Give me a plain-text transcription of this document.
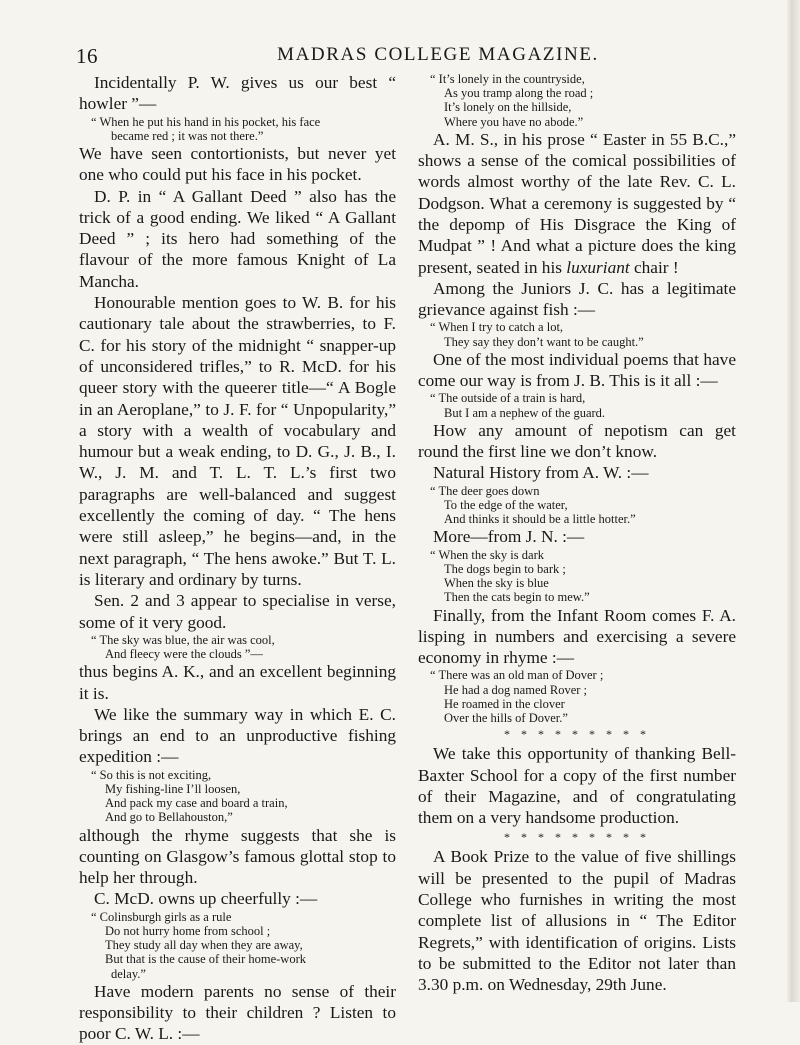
16	MADRAS COLLEGE MAGAZINE.

Incidentally P. W. gives us our best “ howler ”—

“ When he put his hand in his pocket, his face
became red ; it was not there.”

We have seen contortionists, but never yet one who could put his face in his pocket.

D. P. in “ A Gallant Deed ” also has the trick of a good ending. We liked “ A Gallant Deed ” ; its hero had something of the flavour of the more famous Knight of La Mancha.

Honourable mention goes to W. B. for his cautionary tale about the strawberries, to F. C. for his story of the midnight “ snapper-up of unconsidered trifles,” to R. McD. for his queer story with the queerer title—“ A Bogle in an Aeroplane,” to J. F. for “ Unpopularity,” a story with a wealth of vocabulary and humour but a weak ending, to D. G., J. B., I. W., J. M. and T. L. T. L.’s first two paragraphs are well-balanced and suggest excellently the coming of day. “ The hens were still asleep,” he begins—and, in the next paragraph, “ The hens awoke.” But T. L. is literary and ordinary by turns.

Sen. 2 and 3 appear to specialise in verse, some of it very good.

“ The sky was blue, the air was cool,
And fleecy were the clouds ”—

thus begins A. K., and an excellent beginning it is.

We like the summary way in which E. C. brings an end to an unproductive fishing expedition :—

“ So this is not exciting,
My fishing-line I’ll loosen,
And pack my case and board a train,
And go to Bellahouston,”

although the rhyme suggests that she is counting on Glasgow’s famous glottal stop to help her through.

C. McD. owns up cheerfully :—

“ Colinsburgh girls as a rule
Do not hurry home from school ;
They study all day when they are away,
But that is the cause of their home-work
delay.”

Have modern parents no sense of their responsibility to their children ? Listen to poor C. W. L. :—

“ It’s lonely in the countryside,
As you tramp along the road ;
It’s lonely on the hillside,
Where you have no abode.”

A. M. S., in his prose “ Easter in 55 B.C.,” shows a sense of the comical possibilities of words almost worthy of the late Rev. C. L. Dodgson. What a ceremony is suggested by “ the depomp of His Disgrace the King of Mudpat ” ! And what a picture does the king present, seated in his luxuriant chair !

Among the Juniors J. C. has a legitimate grievance against fish :—

“ When I try to catch a lot,
They say they don’t want to be caught.”

One of the most individual poems that have come our way is from J. B. This is it all :—

“ The outside of a train is hard,
But I am a nephew of the guard.

How any amount of nepotism can get round the first line we don’t know.

Natural History from A. W. :—

“ The deer goes down
To the edge of the water,
And thinks it should be a little hotter.”

More—from J. N. :—

“ When the sky is dark
The dogs begin to bark ;
When the sky is blue
Then the cats begin to mew.”

Finally, from the Infant Room comes F. A. lisping in numbers and exercising a severe economy in rhyme :—

“ There was an old man of Dover ;
He had a dog named Rover ;
He roamed in the clover
Over the hills of Dover.”
* * * * * * * * *

We take this opportunity of thanking Bell-Baxter School for a copy of the first number of their Magazine, and of congratulating them on a very handsome production.

* * * * * * * * *

A Book Prize to the value of five shillings will be presented to the pupil of Madras College who furnishes in writing the most complete list of allusions in “ The Editor Regrets,” with identification of origins. Lists to be submitted to the Editor not later than 3.30 p.m. on Wednesday, 29th June.
